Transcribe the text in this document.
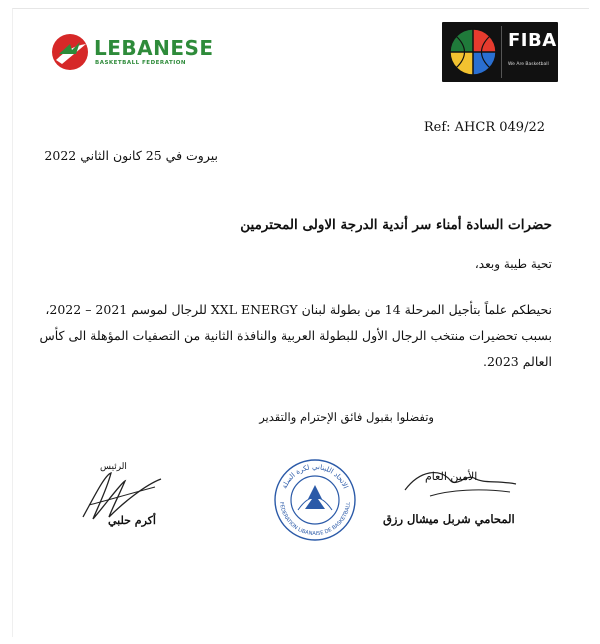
LEBANESE
BASKETBALL FEDERATION
FIBA
We Are Basketball
Ref: AHCR 049/22
بيروت في 25 كانون الثاني 2022
حضرات السادة أمناء سر أندية الدرجة الاولى المحترمين
تحية طيبة وبعد،
نحيطكم علماً بتأجيل المرحلة 14 من بطولة لبنان XXL ENERGY للرجال لموسم 2021 – 2022، بسبب تحضيرات منتخب الرجال الأول للبطولة العربية والنافذة الثانية من التصفيات المؤهلة الى كأس العالم 2023.
وتفضلوا بقبول فائق الإحترام والتقدير
الرئيس
أكرم حلبي
الاتحاد اللبناني لكرة السلة
FEDERATION LIBANAISE DE BASKETBALL
الأمين العام
المحامي شربل ميشال رزق
